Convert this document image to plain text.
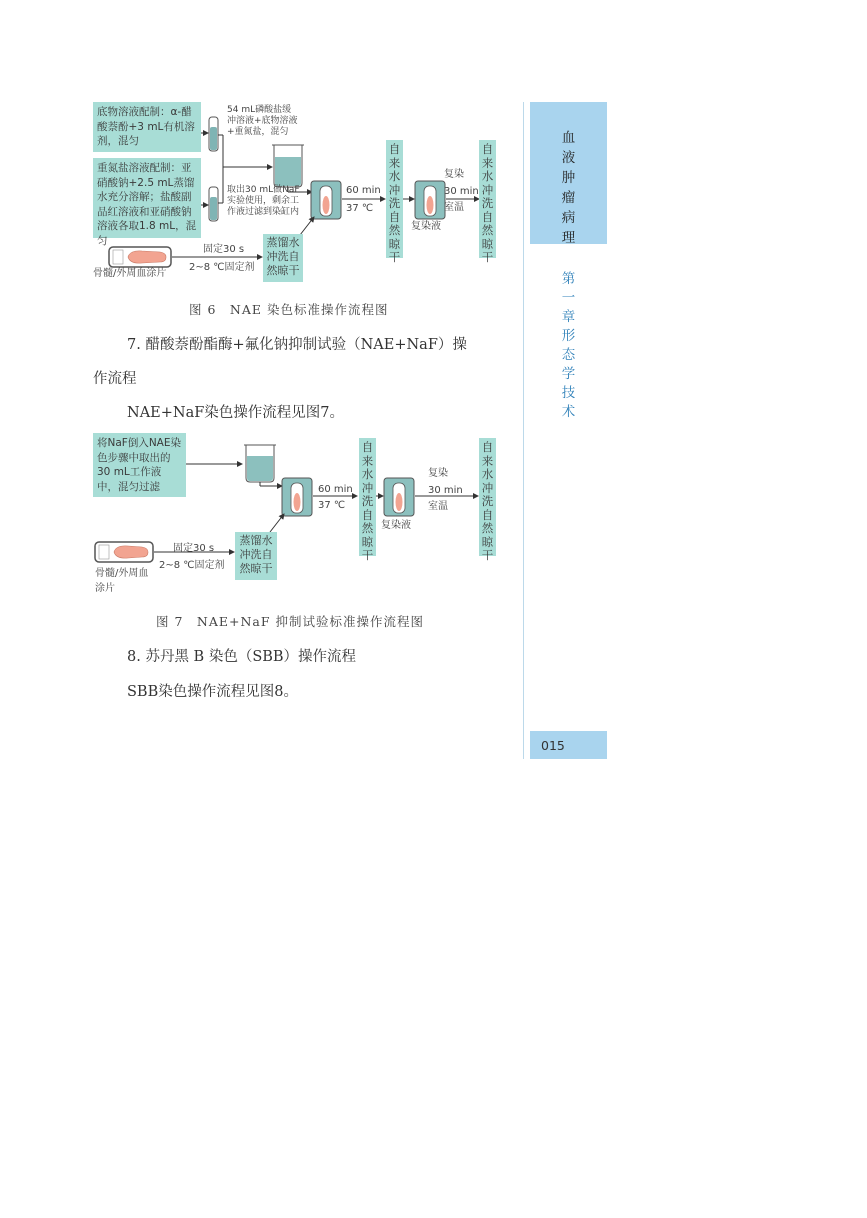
血液肿瘤病理
第一章　形态学技术
015
底物溶液配制：α-醋酸萘酚+3 mL有机溶剂，混匀
重氮盐溶液配制：亚硝酸钠+2.5 mL蒸馏水充分溶解；盐酸副品红溶液和亚硝酸钠溶液各取1.8 mL，混匀
54 mL磷酸盐缓冲溶液+底物溶液+重氮盐，混匀
取出30 mL做NaF实验使用，剩余工作液过滤到染缸内
固定30 s
2~8 ℃固定剂
骨髓/外周血涂片
蒸馏水冲洗自然晾干
60 min
37 ℃
自来水冲洗自然晾干
复染液
复染
30 min
室温
自来水冲洗自然晾干
图 6　NAE 染色标准操作流程图
7. 醋酸萘酚酯酶+氟化钠抑制试验（NAE+NaF）操
作流程
NAE+NaF染色操作流程见图7。
将NaF倒入NAE染色步骤中取出的30 mL工作液中，混匀过滤
固定30 s
2~8 ℃固定剂
骨髓/外周血涂片
蒸馏水冲洗自然晾干
60 min
37 ℃
自来水冲洗自然晾干
复染液
复染
30 min
室温
自来水冲洗自然晾干
图 7　NAE+NaF 抑制试验标准操作流程图
8. 苏丹黑 B 染色（SBB）操作流程
SBB染色操作流程见图8。
